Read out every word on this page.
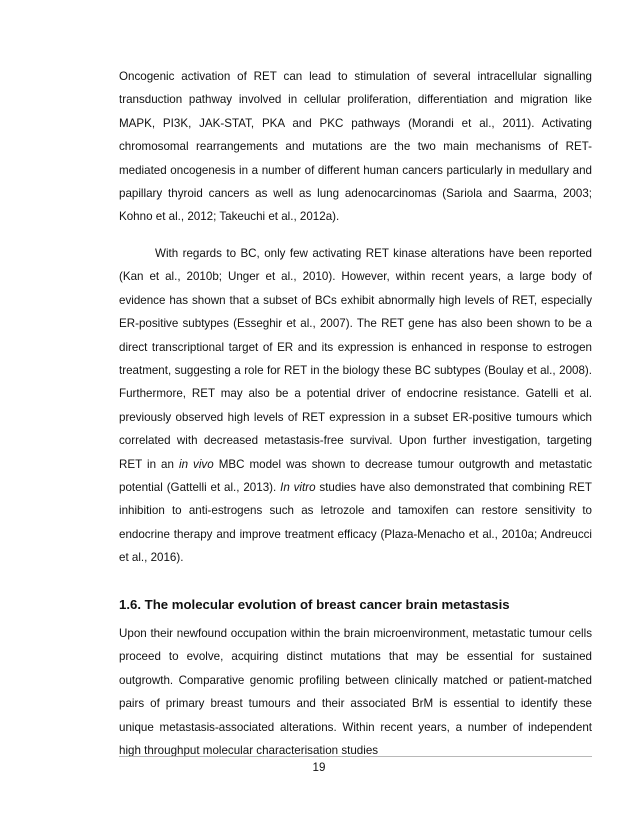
Oncogenic activation of RET can lead to stimulation of several intracellular signalling transduction pathway involved in cellular proliferation, differentiation and migration like MAPK, PI3K, JAK-STAT, PKA and PKC pathways (Morandi et al., 2011). Activating chromosomal rearrangements and mutations are the two main mechanisms of RET-mediated oncogenesis in a number of different human cancers particularly in medullary and papillary thyroid cancers as well as lung adenocarcinomas (Sariola and Saarma, 2003; Kohno et al., 2012; Takeuchi et al., 2012a).

With regards to BC, only few activating RET kinase alterations have been reported (Kan et al., 2010b; Unger et al., 2010). However, within recent years, a large body of evidence has shown that a subset of BCs exhibit abnormally high levels of RET, especially ER-positive subtypes (Esseghir et al., 2007). The RET gene has also been shown to be a direct transcriptional target of ER and its expression is enhanced in response to estrogen treatment, suggesting a role for RET in the biology these BC subtypes (Boulay et al., 2008). Furthermore, RET may also be a potential driver of endocrine resistance. Gatelli et al. previously observed high levels of RET expression in a subset ER-positive tumours which correlated with decreased metastasis-free survival. Upon further investigation, targeting RET in an in vivo MBC model was shown to decrease tumour outgrowth and metastatic potential (Gattelli et al., 2013). In vitro studies have also demonstrated that combining RET inhibition to anti-estrogens such as letrozole and tamoxifen can restore sensitivity to endocrine therapy and improve treatment efficacy (Plaza-Menacho et al., 2010a; Andreucci et al., 2016).

1.6. The molecular evolution of breast cancer brain metastasis

Upon their newfound occupation within the brain microenvironment, metastatic tumour cells proceed to evolve, acquiring distinct mutations that may be essential for sustained outgrowth. Comparative genomic profiling between clinically matched or patient-matched pairs of primary breast tumours and their associated BrM is essential to identify these unique metastasis-associated alterations. Within recent years, a number of independent high throughput molecular characterisation studies

19
